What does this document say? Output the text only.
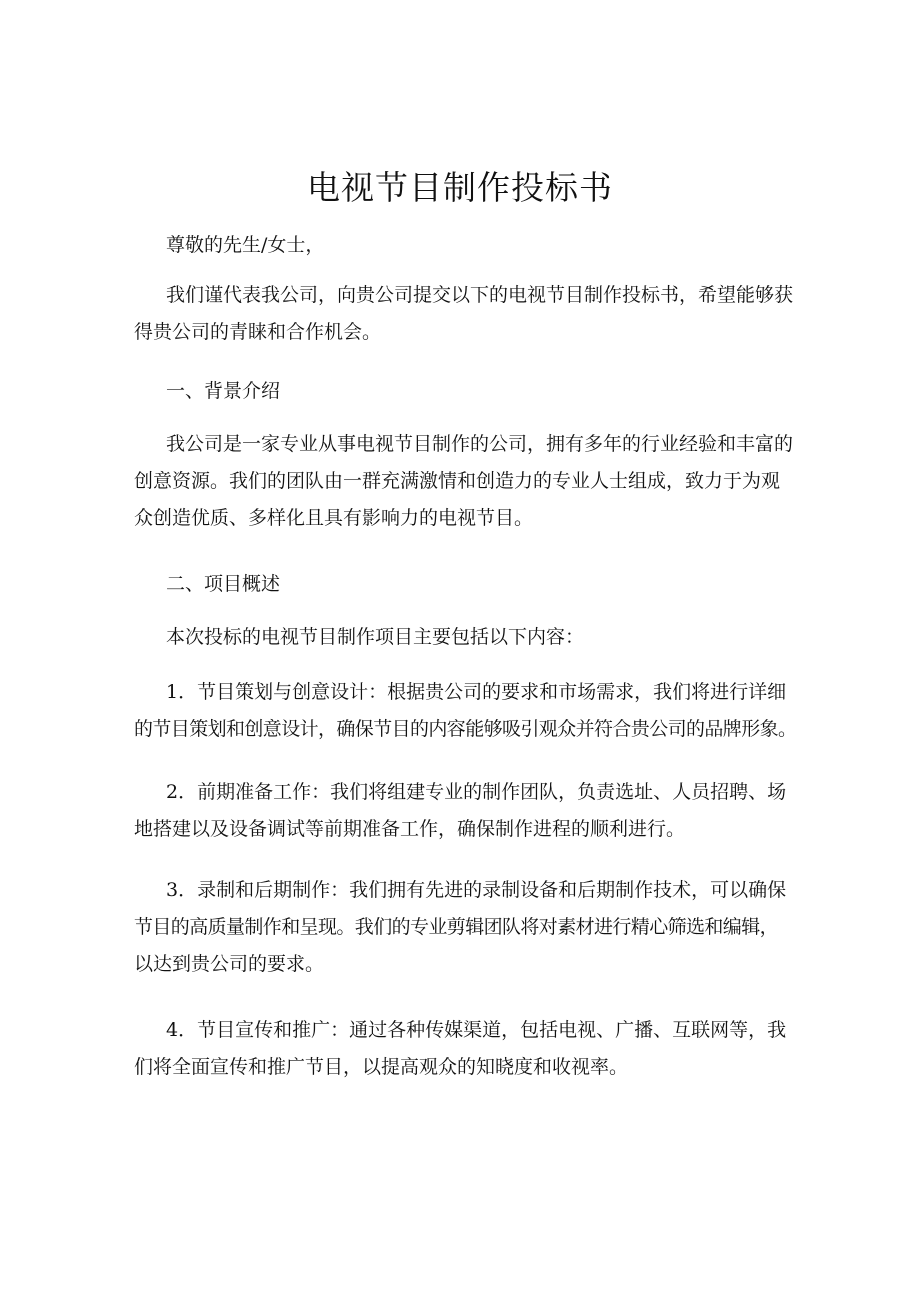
电视节目制作投标书

尊敬的先生/女士，

我们谨代表我公司，向贵公司提交以下的电视节目制作投标书，希望能够获
得贵公司的青睐和合作机会。

一、背景介绍

我公司是一家专业从事电视节目制作的公司，拥有多年的行业经验和丰富的
创意资源。我们的团队由一群充满激情和创造力的专业人士组成，致力于为观
众创造优质、多样化且具有影响力的电视节目。

二、项目概述

本次投标的电视节目制作项目主要包括以下内容：

1．节目策划与创意设计：根据贵公司的要求和市场需求，我们将进行详细
的节目策划和创意设计，确保节目的内容能够吸引观众并符合贵公司的品牌形象。

2．前期准备工作：我们将组建专业的制作团队，负责选址、人员招聘、场
地搭建以及设备调试等前期准备工作，确保制作进程的顺利进行。

3．录制和后期制作：我们拥有先进的录制设备和后期制作技术，可以确保
节目的高质量制作和呈现。我们的专业剪辑团队将对素材进行精心筛选和编辑，
以达到贵公司的要求。

4．节目宣传和推广：通过各种传媒渠道，包括电视、广播、互联网等，我
们将全面宣传和推广节目，以提高观众的知晓度和收视率。
